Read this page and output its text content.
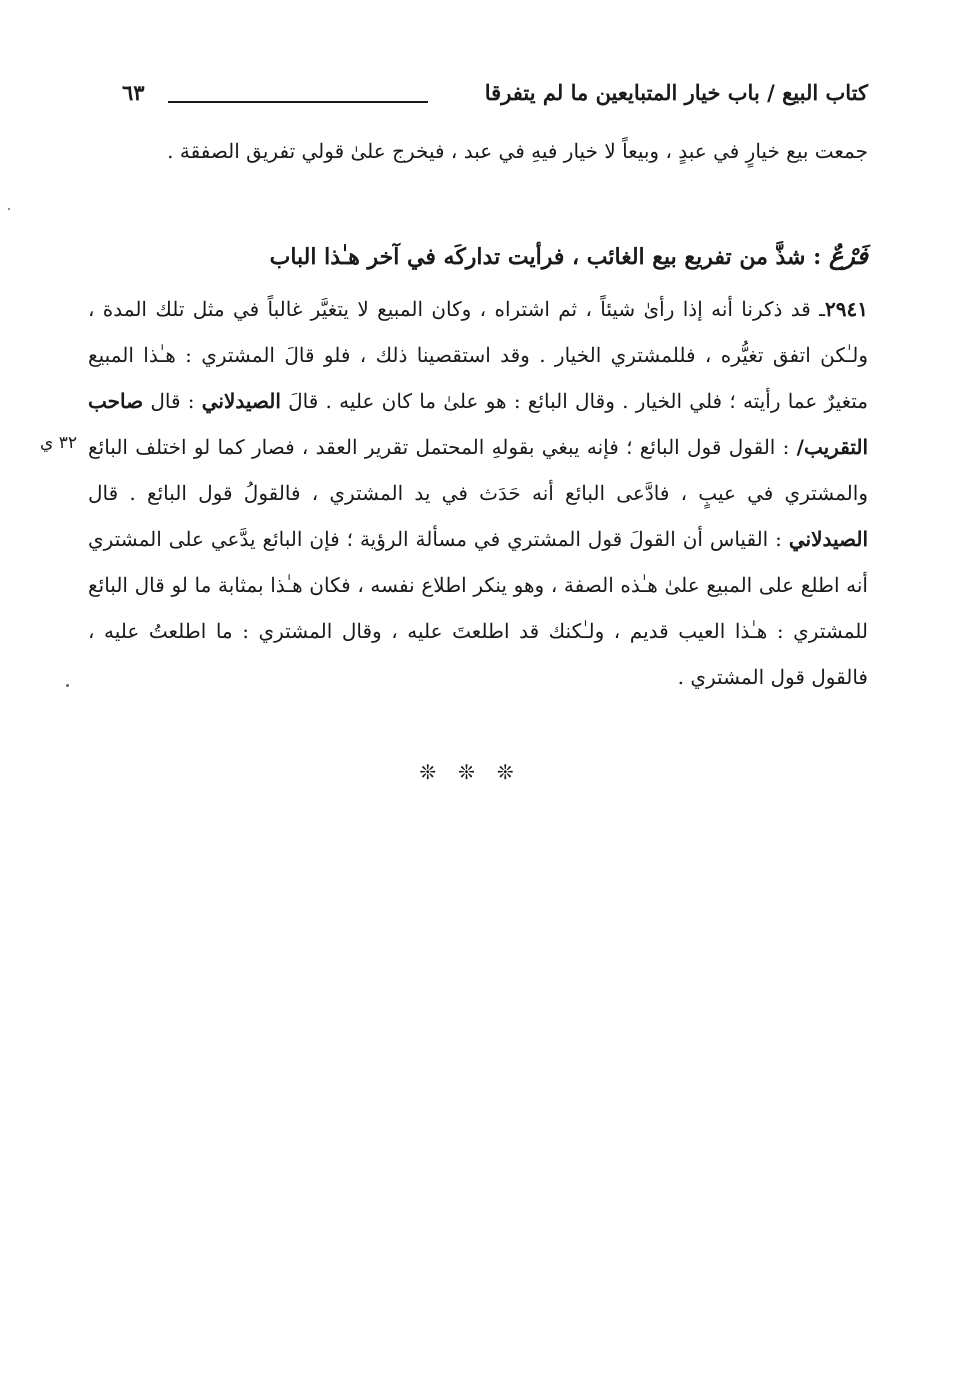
كتاب البيع / باب خيار المتبايعين ما لم يتفرقا
٦٣
جمعت بيع خيارٍ في عبدٍ ، وبيعاً لا خيار فيهِ في عبد ، فيخرج علىٰ قولي تفريق الصفقة .
فَرْعٌ : شذَّ من تفريع بيع الغائب ، فرأيت تداركَه في آخر هـٰذا الباب
٢٩٤١ـ قد ذكرنا أنه إذا رأىٰ شيئاً ، ثم اشتراه ، وكان المبيع لا يتغيَّر غالباً في مثل تلك المدة ، ولـٰكن اتفق تغيُّره ، فللمشتري الخيار . وقد استقصينا ذلك ، فلو قالَ المشتري : هـٰذا المبيع متغيرٌ عما رأيته ؛ فلي الخيار . وقال البائع : هو علىٰ ما كان عليه . قالَ الصيدلاني : قال صاحب التقريب/ : القول قول البائع ؛ فإنه يبغي بقولهِ المحتمل تقرير العقد ، فصار كما لو اختلف البائع والمشتري في عيبٍ ، فادَّعى البائع أنه حَدَث في يد المشتري ، فالقولُ قول البائع . قال الصيدلاني : القياس أن القولَ قول المشتري في مسألة الرؤية ؛ فإن البائع يدَّعي على المشتري أنه اطلع على المبيع علىٰ هـٰذه الصفة ، وهو ينكر اطلاع نفسه ، فكان هـٰذا بمثابة ما لو قال البائع للمشتري : هـٰذا العيب قديم ، ولـٰكنك قد اطلعتَ عليه ، وقال المشتري : ما اطلعتُ عليه ، فالقول قول المشتري .
٣٢ ي
❊❊❊
